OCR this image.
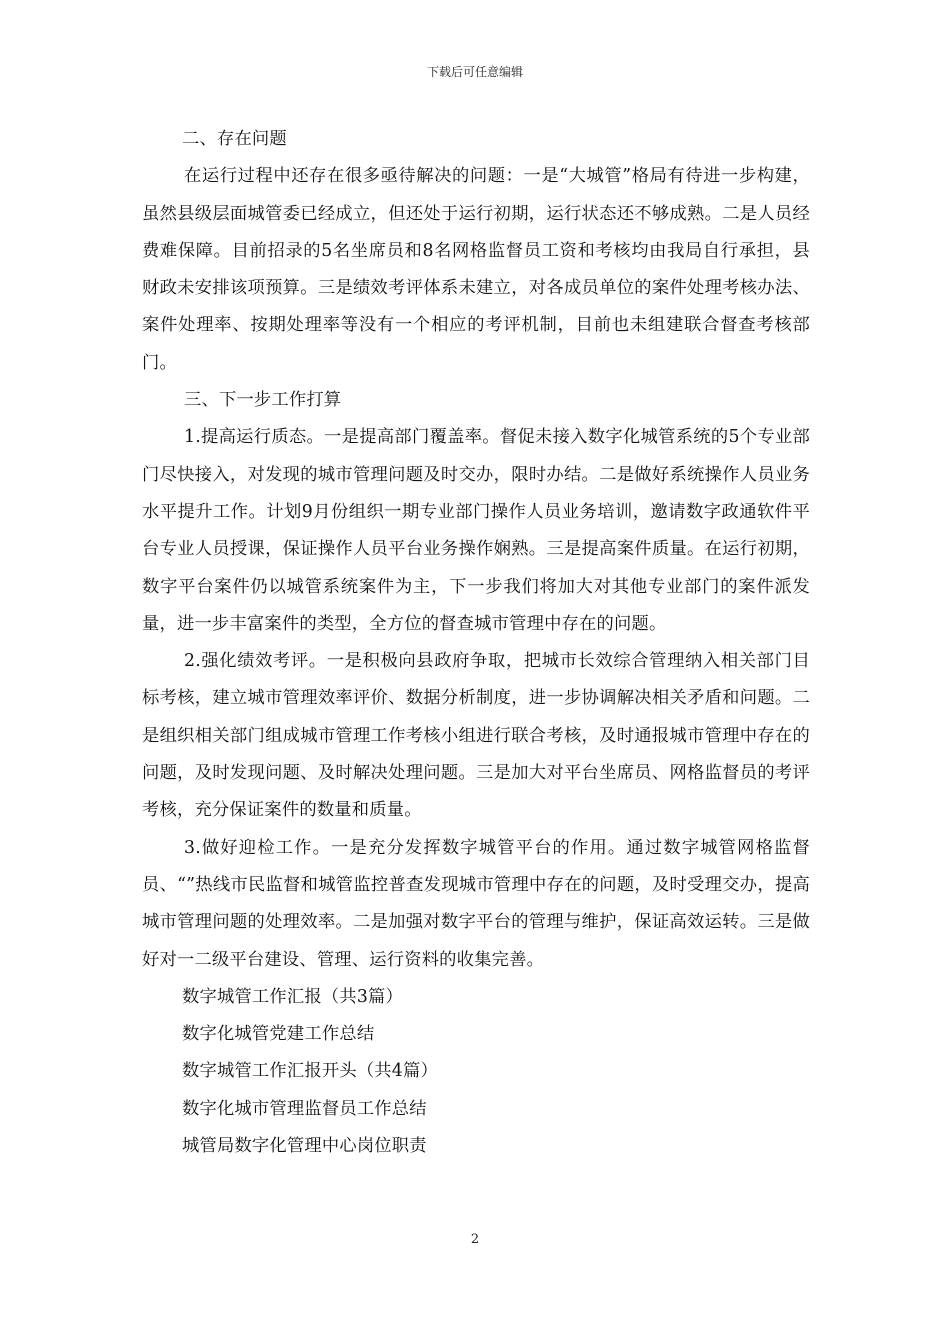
下载后可任意编辑

二、存在问题

在运行过程中还存在很多亟待解决的问题：一是“大城管”格局有待进一步构建，虽然县级层面城管委已经成立，但还处于运行初期，运行状态还不够成熟。二是人员经费难保障。目前招录的5名坐席员和8名网格监督员工资和考核均由我局自行承担，县财政未安排该项预算。三是绩效考评体系未建立，对各成员单位的案件处理考核办法、案件处理率、按期处理率等没有一个相应的考评机制，目前也未组建联合督查考核部门。

三、下一步工作打算

1.提高运行质态。一是提高部门覆盖率。督促未接入数字化城管系统的5个专业部门尽快接入，对发现的城市管理问题及时交办，限时办结。二是做好系统操作人员业务水平提升工作。计划9月份组织一期专业部门操作人员业务培训，邀请数字政通软件平台专业人员授课，保证操作人员平台业务操作娴熟。三是提高案件质量。在运行初期，数字平台案件仍以城管系统案件为主，下一步我们将加大对其他专业部门的案件派发量，进一步丰富案件的类型，全方位的督查城市管理中存在的问题。

2.强化绩效考评。一是积极向县政府争取，把城市长效综合管理纳入相关部门目标考核，建立城市管理效率评价、数据分析制度，进一步协调解决相关矛盾和问题。二是组织相关部门组成城市管理工作考核小组进行联合考核，及时通报城市管理中存在的问题，及时发现问题、及时解决处理问题。三是加大对平台坐席员、网格监督员的考评考核，充分保证案件的数量和质量。

3.做好迎检工作。一是充分发挥数字城管平台的作用。通过数字城管网格监督员、“”热线市民监督和城管监控普查发现城市管理中存在的问题，及时受理交办，提高城市管理问题的处理效率。二是加强对数字平台的管理与维护，保证高效运转。三是做好对一二级平台建设、管理、运行资料的收集完善。

数字城管工作汇报（共3篇）
数字化城管党建工作总结
数字城管工作汇报开头（共4篇）
数字化城市管理监督员工作总结
城管局数字化管理中心岗位职责
2
